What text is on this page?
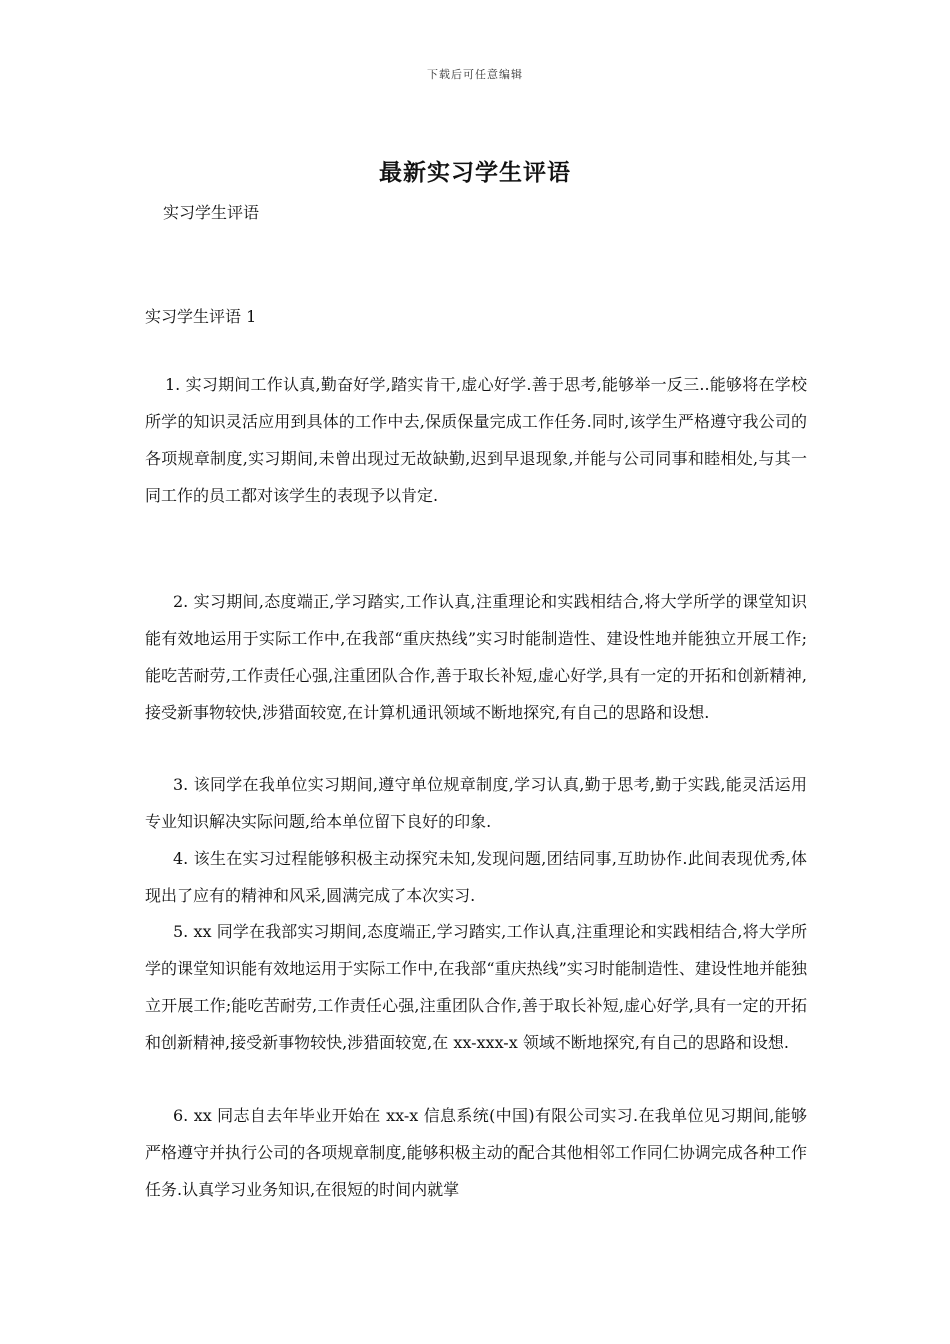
下载后可任意编辑
最新实习学生评语
实习学生评语
实习学生评语 1
1. 实习期间工作认真,勤奋好学,踏实肯干,虚心好学.善于思考,能够举一反三..能够将在学校所学的知识灵活应用到具体的工作中去,保质保量完成工作任务.同时,该学生严格遵守我公司的各项规章制度,实习期间,未曾出现过无故缺勤,迟到早退现象,并能与公司同事和睦相处,与其一同工作的员工都对该学生的表现予以肯定.
2. 实习期间,态度端正,学习踏实,工作认真,注重理论和实践相结合,将大学所学的课堂知识能有效地运用于实际工作中,在我部“重庆热线”实习时能制造性、建设性地并能独立开展工作;能吃苦耐劳,工作责任心强,注重团队合作,善于取长补短,虚心好学,具有一定的开拓和创新精神,接受新事物较快,涉猎面较宽,在计算机通讯领域不断地探究,有自己的思路和设想.
3. 该同学在我单位实习期间,遵守单位规章制度,学习认真,勤于思考,勤于实践,能灵活运用专业知识解决实际问题,给本单位留下良好的印象.
4. 该生在实习过程能够积极主动探究未知,发现问题,团结同事,互助协作.此间表现优秀,体现出了应有的精神和风采,圆满完成了本次实习.
5. xx 同学在我部实习期间,态度端正,学习踏实,工作认真,注重理论和实践相结合,将大学所学的课堂知识能有效地运用于实际工作中,在我部“重庆热线”实习时能制造性、建设性地并能独立开展工作;能吃苦耐劳,工作责任心强,注重团队合作,善于取长补短,虚心好学,具有一定的开拓和创新精神,接受新事物较快,涉猎面较宽,在 xx-xxx-x 领域不断地探究,有自己的思路和设想.
6. xx 同志自去年毕业开始在 xx-x 信息系统(中国)有限公司实习.在我单位见习期间,能够严格遵守并执行公司的各项规章制度,能够积极主动的配合其他相邻工作同仁协调完成各种工作任务.认真学习业务知识,在很短的时间内就掌
